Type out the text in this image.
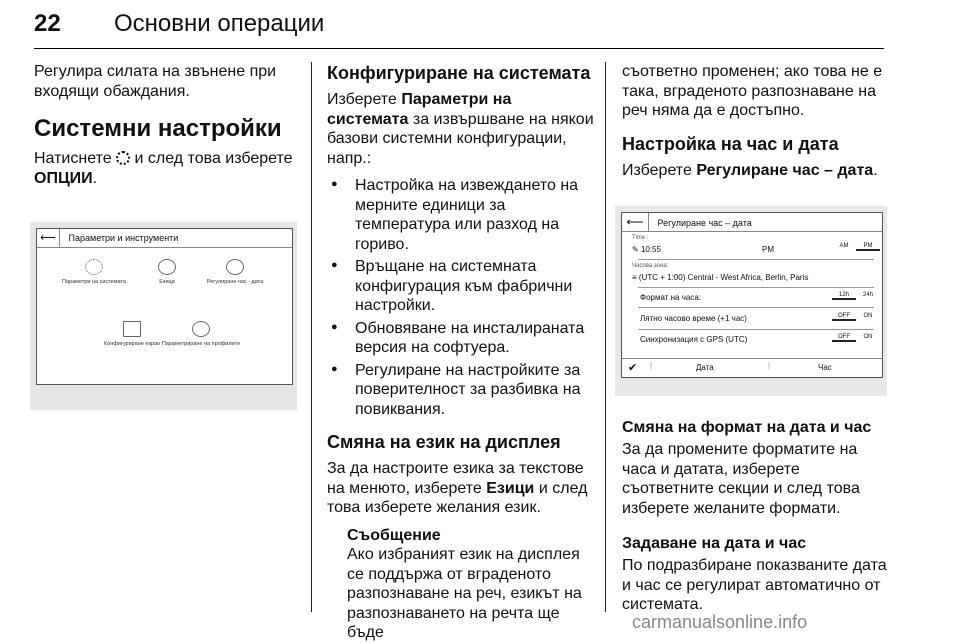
22 Основни операции

Регулира силата на звънене при входящи обаждания.

Системни настройки

Натиснете и след това изберете ОПЦИИ.

⟵ Параметри и инструменти
Параметри на системата	Езици	Регулиране час - дата
Конфигуриране екран Параметриране на профилите
Конфигуриране на системата

Изберете Параметри на системата за извършване на някои базови системни конфигурации, напр.:

● Настройка на извеждането на мерните единици за температура или разход на гориво.
● Връщане на системната конфигурация към фабрични настройки.
● Обновяване на инсталираната версия на софтуера.
● Регулиране на настройките за поверителност за разбивка на повиквания.
Смяна на език на дисплея

За да настроите езика за текстове на менюто, изберете Езици и след това изберете желания език.

Съобщение
Ако избраният език на дисплея се поддържа от вграденото разпознаване на реч, езикът на разпознаването на речта ще бъде

съответно променен; ако това не е така, вграденото разпознаване на реч няма да е достъпно.

Настройка на час и дата

Изберете Регулиране час – дата.

⟵ Регулиране час – дата
Time :
✎ 10:55	PM	AM	PM
Часова зона:
≡ (UTC + 1:00) Central - West Africa, Berlin, Paris
Формат на часа:	12h 24h
Лятно часово време (+1 час)	OFF ON
Синхронизация с GPS (UTC)	OFF ON
✔ |	Дата	|	Час
Смяна на формат на дата и час

За да промените форматите на часа и датата, изберете съответните секции и след това изберете желаните формати.

Задаване на дата и час

По подразбиране показваните дата и час се регулират автоматично от системата.

carmanualsonline.info
